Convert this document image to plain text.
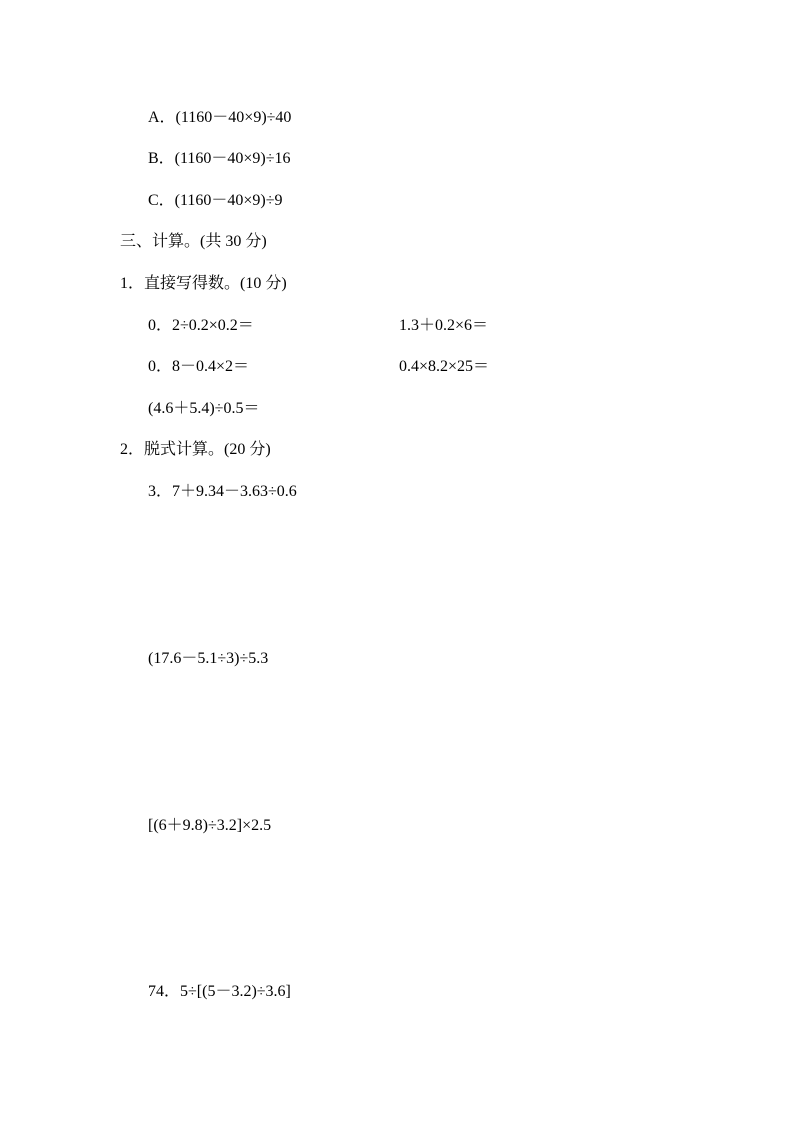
A．(1160－40×9)÷40
B．(1160－40×9)÷16
C．(1160－40×9)÷9
三、计算。(共 30 分)
1．直接写得数。(10 分)
0．2÷0.2×0.2＝	1.3＋0.2×6＝
0．8－0.4×2＝	0.4×8.2×25＝
(4.6＋5.4)÷0.5＝
2．脱式计算。(20 分)
3．7＋9.34－3.63÷0.6
(17.6－5.1÷3)÷5.3
[(6＋9.8)÷3.2]×2.5
74．5÷[(5－3.2)÷3.6]
